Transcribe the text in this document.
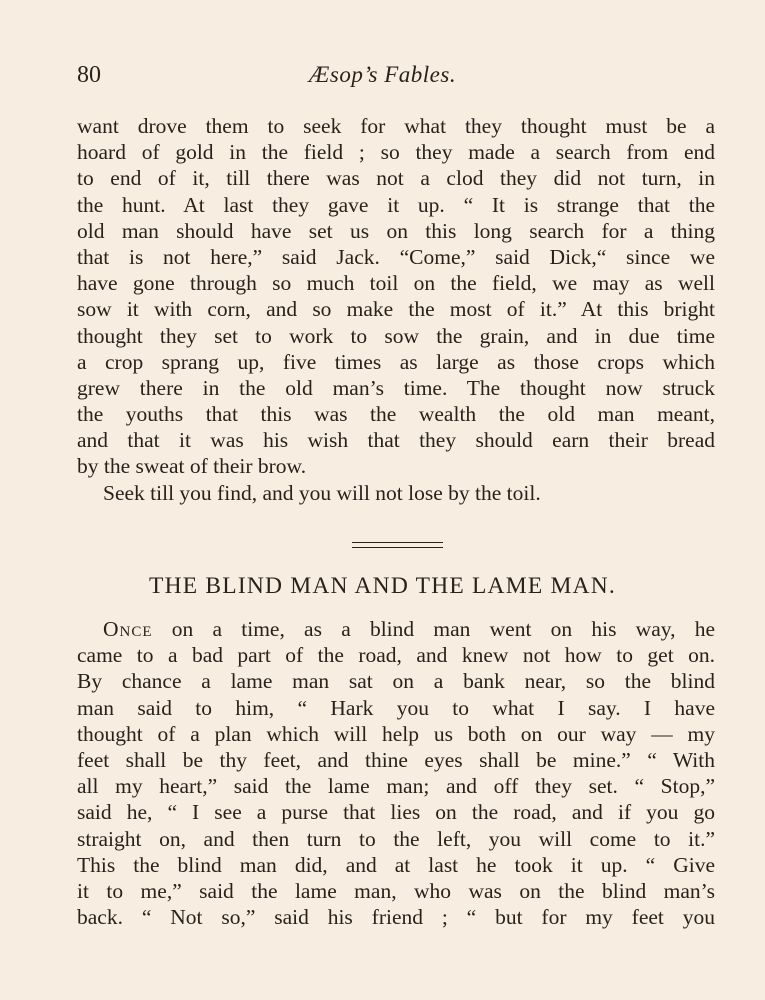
80	Æsop’s Fables.
want drove them to seek for what they thought must be a
hoard of gold in the field ; so they made a search from end
to end of it, till there was not a clod they did not turn, in
the hunt. At last they gave it up. “ It is strange that the
old man should have set us on this long search for a thing
that is not here,” said Jack. “Come,” said Dick,“ since we
have gone through so much toil on the field, we may as well
sow it with corn, and so make the most of it.” At this bright
thought they set to work to sow the grain, and in due time
a crop sprang up, five times as large as those crops which
grew there in the old man’s time. The thought now struck
the youths that this was the wealth the old man meant,
and that it was his wish that they should earn their bread
by the sweat of their brow.
Seek till you find, and you will not lose by the toil.
THE BLIND MAN AND THE LAME MAN.
Once on a time, as a blind man went on his way, he
came to a bad part of the road, and knew not how to get on.
By chance a lame man sat on a bank near, so the blind
man said to him, “ Hark you to what I say. I have
thought of a plan which will help us both on our way — my
feet shall be thy feet, and thine eyes shall be mine.” “ With
all my heart,” said the lame man; and off they set. “ Stop,”
said he, “ I see a purse that lies on the road, and if you go
straight on, and then turn to the left, you will come to it.”
This the blind man did, and at last he took it up. “ Give
it to me,” said the lame man, who was on the blind man’s
back. “ Not so,” said his friend ; “ but for my feet you
